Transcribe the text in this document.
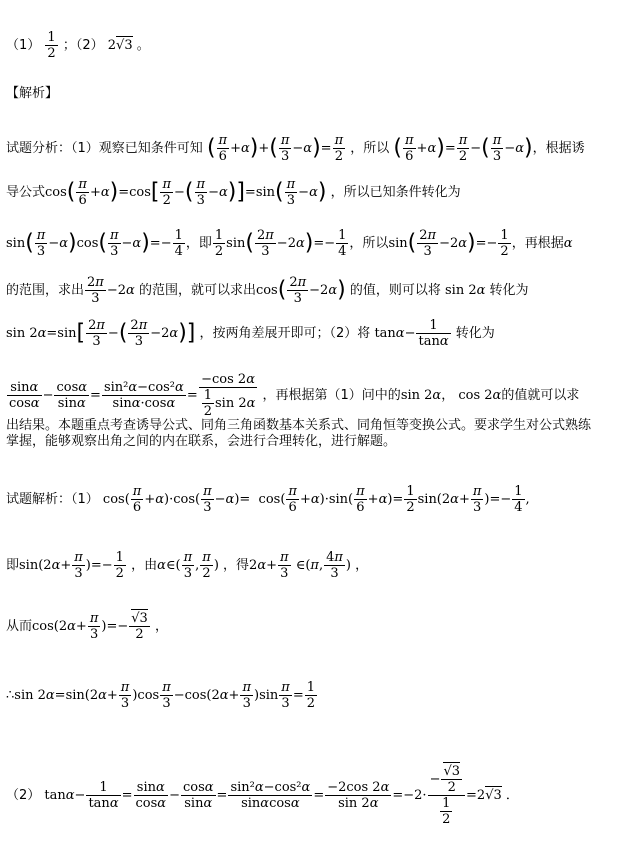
$(1) \frac{1}{2}$ ；（2） 2√3 。
【解析】
试题分析：（1）观察已知条件可知 ( $\frac{\pi}{6} +\alpha)+( \frac{\pi}{3} -\alpha)= \frac{\pi}{2}$ ，所以 ( $\frac{\pi}{6} +\alpha)= \frac{\pi}{2}$ −( $\frac{\pi}{3} -\alpha$)，根据诱
导公式$\cos( \frac{\pi}{6} +\alpha)=\cos[ \frac{\pi}{2}$ −( $\frac{\pi}{3} -\alpha)]=\sin( \frac{\pi}{3} -\alpha)$ ，所以已知条件转化为
$\sin( \frac{\pi}{3} -\alpha)\cos( \frac{\pi}{3} -\alpha)=- \frac{1}{4}$ ，即 $\frac{1}{2} \sin( \frac{2\pi}{3} -2\alpha)=- \frac{1}{4}$ ，所以$\sin( \frac{2\pi}{3} -2\alpha)=- \frac{1}{2}$ ，再根据α
的范围，求出 $\frac{2\pi}{3} -2\alpha$ 的范围，就可以求出$\cos( \frac{2\pi}{3} -2\alpha)$ 的值，则可以将 sin 2α 转化为
$\sin 2\alpha=\sin[ \frac{2\pi}{3}$ −( $\frac{2\pi}{3} -2\alpha$)] ，按两角差展开即可；（2）将 $\tan\alpha- \frac{1}{\tan\alpha}$ 转化为
$\frac{\sin\alpha}{\cos\alpha} - \frac{\cos\alpha}{\sin\alpha} = \frac{\text{sin²α−cos²α}}{\sin\alpha\cdot\cos\alpha} = \frac{-\cos 2\alpha}{\frac{1}{2} \sin 2\alpha}$ ，再根据第（1）问中的sin 2α， cos 2α的值就可以求
出结果。本题重点考查诱导公式、同角三角函数基本关系式、同角恒等变换公式。要求学生对公式熟练
掌握，能够观察出角之间的内在联系，会进行合理转化，进行解题。
试题解析：（1） $\cos( \frac{\pi}{6} +\alpha)\cdot\cos( \frac{\pi}{3} -\alpha)= \cos( \frac{\pi}{6} +\alpha)\cdot\sin( \frac{\pi}{6} +\alpha)= \frac{1}{2} \sin(2\alpha+ \frac{\pi}{3}$ )=− $\frac{1}{4}$ ,
即$\sin(2\alpha+ \frac{\pi}{3}$ )=− $\frac{1}{2}$ ，由α∈( $\frac{\pi}{3}$ , $\frac{\pi}{2}$ ) ，得$2\alpha+ \frac{\pi}{3}$ ∈(π, $\frac{4\pi}{3}$ ) ，
从而$\cos(2\alpha+ \frac{\pi}{3}$ )=− $\frac{√3}{2}$ ，
∴sin $2\alpha=\sin(2\alpha+ \frac{\pi}{3} )\cos \frac{\pi}{3} -\cos(2\alpha+ \frac{\pi}{3} )\sin \frac{\pi}{3} = \frac{1}{2}$
（2） $\tan\alpha- \frac{1}{\tan\alpha} = \frac{\sin\alpha}{\cos\alpha} - \frac{\cos\alpha}{\sin\alpha} = \frac{\text{sin²α−cos²α}}{\sin\alpha\cos\alpha} = \frac{-2\cos 2\alpha}{\sin 2\alpha} =-2\cdot \frac{- \frac{√3}{2}}{\frac{1}{2}} =2√3$ ．
